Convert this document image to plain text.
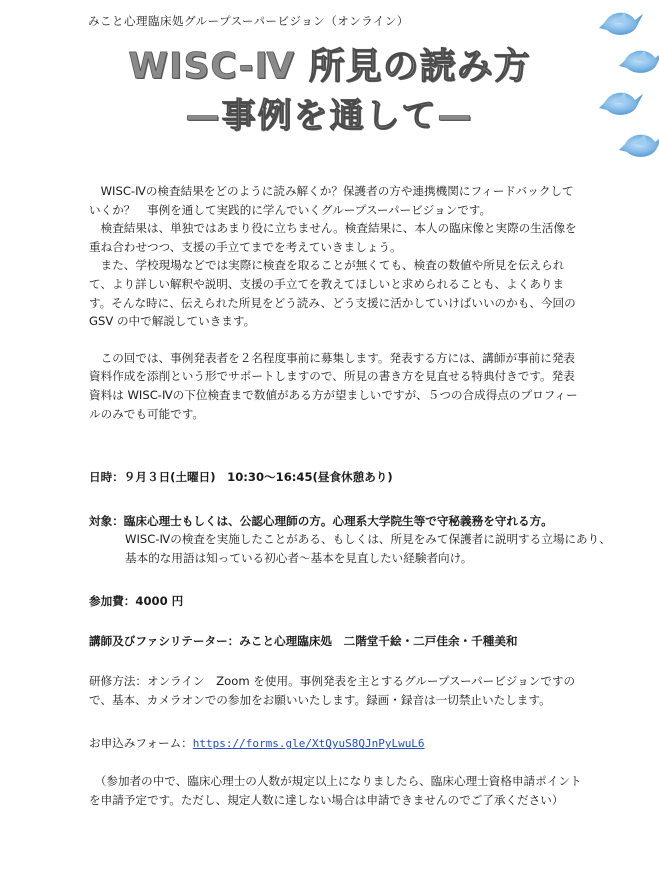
みこと心理臨床処グループスーパービジョン（オンライン）
WISC-Ⅳ 所見の読み方
—事例を通して—

WISC-Ⅳの検査結果をどのように読み解くか？保護者の方や連携機関にフィードバックしていくか？　事例を通して実践的に学んでいくグループスーパービジョンです。

検査結果は、単独ではあまり役に立ちません。検査結果に、本人の臨床像と実際の生活像を重ね合わせつつ、支援の手立てまでを考えていきましょう。

また、学校現場などでは実際に検査を取ることが無くても、検査の数値や所見を伝えられて、より詳しい解釈や説明、支援の手立てを教えてほしいと求められることも、よくあります。そんな時に、伝えられた所見をどう読み、どう支援に活かしていけばいいのかも、今回の GSV の中で解説していきます。

この回では、事例発表者を２名程度事前に募集します。発表する方には、講師が事前に発表資料作成を添削という形でサポートしますので、所見の書き方を見直せる特典付きです。発表資料は WISC-Ⅳの下位検査まで数値がある方が望ましいですが、５つの合成得点のプロフィールのみでも可能です。

日時：９月３日(土曜日)　10:30～16:45(昼食休憩あり)
対象：臨床心理士もしくは、公認心理師の方。心理系大学院生等で守秘義務を守れる方。
WISC-Ⅳの検査を実施したことがある、もしくは、所見をみて保護者に説明する立場にあり、基本的な用語は知っている初心者～基本を見直したい経験者向け。
参加費：4000 円
講師及びファシリテーター：みこと心理臨床処　二階堂千絵・二戸佳余・千種美和
研修方法：オンライン　Zoom を使用。事例発表を主とするグループスーパービジョンですので、基本、カメラオンでの参加をお願いいたします。録画・録音は一切禁止いたします。
お申込みフォーム：https://forms.gle/XtQyuS8QJnPyLwuL6
（参加者の中で、臨床心理士の人数が規定以上になりましたら、臨床心理士資格申請ポイントを申請予定です。ただし、規定人数に達しない場合は申請できませんのでご了承ください）
